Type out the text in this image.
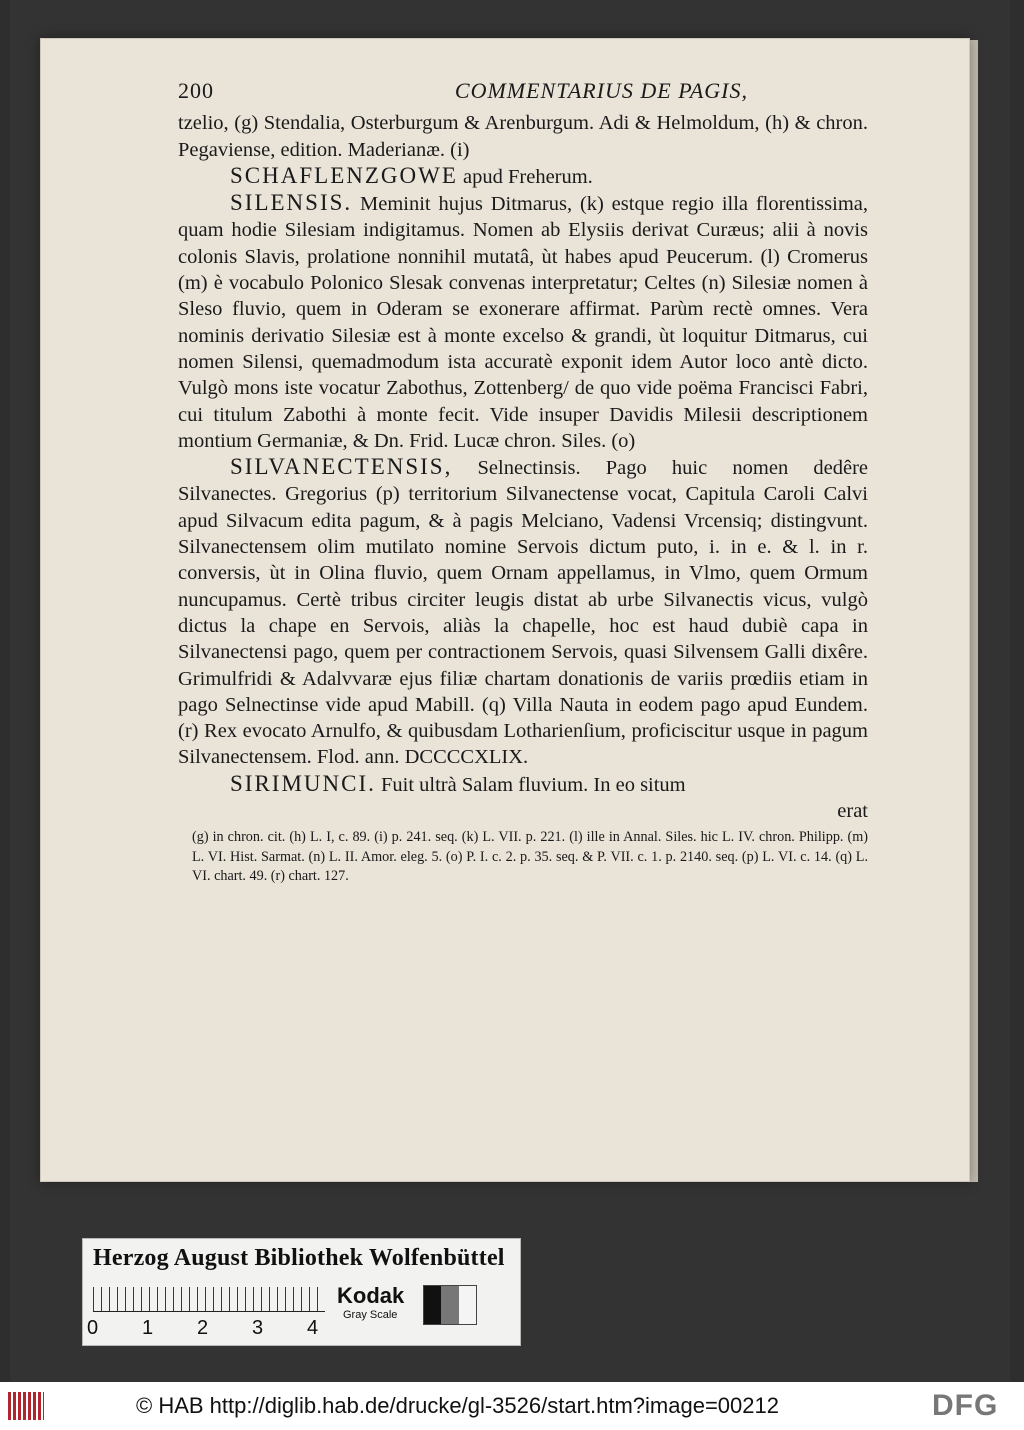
200	COMMENTARIUS DE PAGIS,

tzelio, (g) Stendalia, Osterburgum & Arenburgum. Adi & Helmoldum, (h) & chron. Pegaviense, edition. Maderianæ. (i)

SCHAFLENZGOWE apud Freherum.

SILENSIS. Meminit hujus Ditmarus, (k) estque regio illa florentissima, quam hodie Silesiam indigitamus. Nomen ab Elysiis derivat Curæus; alii à novis colonis Slavis, prolatione nonnihil mutatâ, ùt habes apud Peucerum. (l) Cromerus (m) è vocabulo Polonico Slesak convenas interpretatur; Celtes (n) Silesiæ nomen à Sleso fluvio, quem in Oderam se exonerare affirmat. Parùm rectè omnes. Vera nominis derivatio Silesiæ est à monte excelso & grandi, ùt loquitur Ditmarus, cui nomen Silensi, quemadmodum ista accuratè exponit idem Autor loco antè dicto. Vulgò mons iste vocatur Zabothus, Zottenberg/ de quo vide poëma Francisci Fabri, cui titulum Zabothi à monte fecit. Vide insuper Davidis Milesii descriptionem montium Germaniæ, & Dn. Frid. Lucæ chron. Siles. (o)

SILVANECTENSIS, Selnectinsis. Pago huic nomen dedêre Silvanectes. Gregorius (p) territorium Silvanectense vocat, Capitula Caroli Calvi apud Silvacum edita pagum, & à pagis Melciano, Vadensi Vrcensiq; distingvunt. Silvanectensem olim mutilato nomine Servois dictum puto, i. in e. & l. in r. conversis, ùt in Olina fluvio, quem Ornam appellamus, in Vlmo, quem Ormum nuncupamus. Certè tribus circiter leugis distat ab urbe Silvanectis vicus, vulgò dictus la chape en Servois, aliàs la chapelle, hoc est haud dubiè capa in Silvanectensi pago, quem per contractionem Servois, quasi Silvensem Galli dixêre. Grimulfridi & Adalvvaræ ejus filiæ chartam donationis de variis prœdiis etiam in pago Selnectinse vide apud Mabill. (q) Villa Nauta in eodem pago apud Eundem. (r) Rex evocato Arnulfo, & quibusdam Lotharienſium, proficiscitur usque in pagum Silvanectensem. Flod. ann. DCCCCXLIX.

SIRIMUNCI. Fuit ultrà Salam fluvium. In eo situm

erat

(g) in chron. cit. (h) L. I, c. 89. (i) p. 241. seq. (k) L. VII. p. 221. (l) ille in Annal. Siles. hic L. IV. chron. Philipp. (m) L. VI. Hist. Sarmat. (n) L. II. Amor. eleg. 5. (o) P. I. c. 2. p. 35. seq. & P. VII. c. 1. p. 2140. seq. (p) L. VI. c. 14. (q) L. VI. chart. 49. (r) chart. 127.
Herzog August Bibliothek Wolfenbüttel
0	1	2	3	4
Kodak
Gray Scale
© HAB http://diglib.hab.de/drucke/gl-3526/start.htm?image=00212	DFG
